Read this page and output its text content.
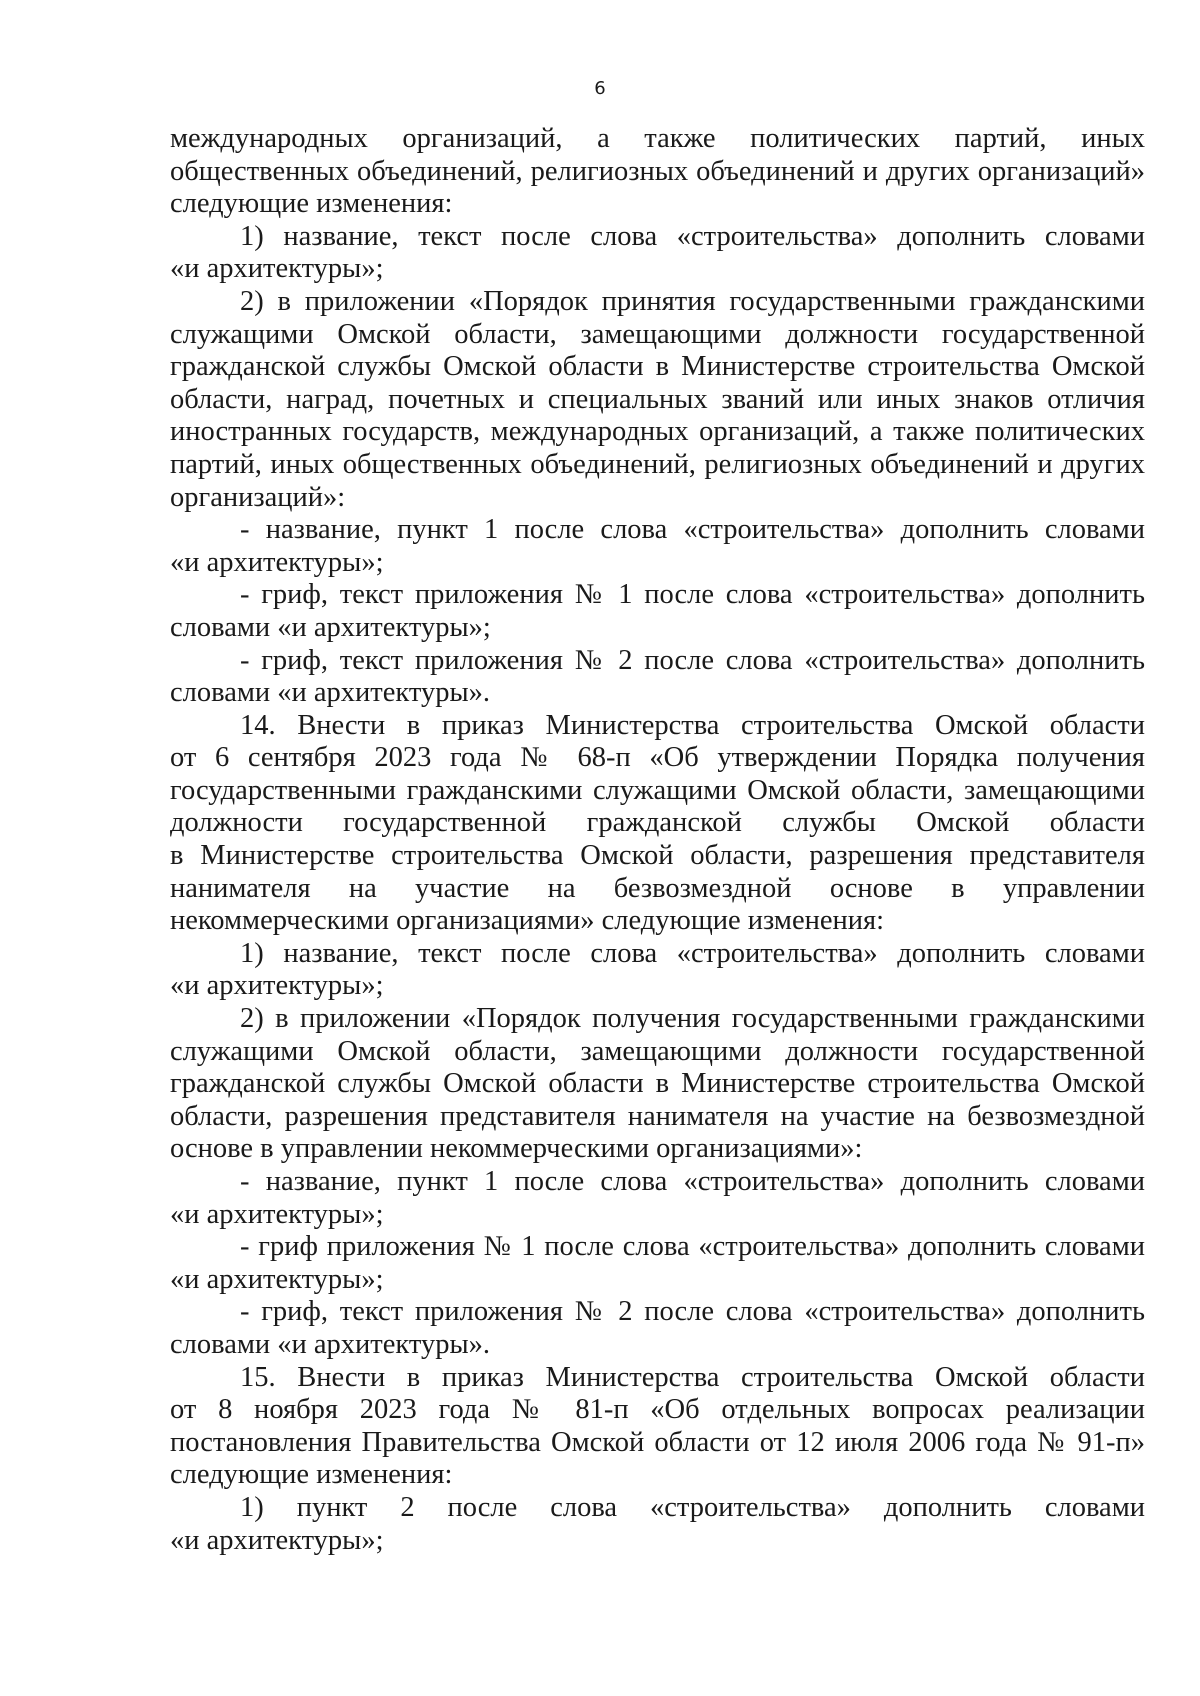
6
международных организаций, а также политических партий, иных
общественных объединений, религиозных объединений и других организаций»
следующие изменения:
1) название, текст после слова «строительства» дополнить словами
«и архитектуры»;
2) в приложении «Порядок принятия государственными гражданскими
служащими Омской области, замещающими должности государственной
гражданской службы Омской области в Министерстве строительства Омской
области, наград, почетных и специальных званий или иных знаков отличия
иностранных государств, международных организаций, а также политических
партий, иных общественных объединений, религиозных объединений и других
организаций»:
- название, пункт 1 после слова «строительства» дополнить словами
«и архитектуры»;
- гриф, текст приложения № 1 после слова «строительства» дополнить
словами «и архитектуры»;
- гриф, текст приложения № 2 после слова «строительства» дополнить
словами «и архитектуры».
14. Внести в приказ Министерства строительства Омской области
от 6 сентября 2023 года № 68-п «Об утверждении Порядка получения
государственными гражданскими служащими Омской области, замещающими
должности государственной гражданской службы Омской области
в Министерстве строительства Омской области, разрешения представителя
нанимателя на участие на безвозмездной основе в управлении
некоммерческими организациями» следующие изменения:
1) название, текст после слова «строительства» дополнить словами
«и архитектуры»;
2) в приложении «Порядок получения государственными гражданскими
служащими Омской области, замещающими должности государственной
гражданской службы Омской области в Министерстве строительства Омской
области, разрешения представителя нанимателя на участие на безвозмездной
основе в управлении некоммерческими организациями»:
- название, пункт 1 после слова «строительства» дополнить словами
«и архитектуры»;
- гриф приложения № 1 после слова «строительства» дополнить словами
«и архитектуры»;
- гриф, текст приложения № 2 после слова «строительства» дополнить
словами «и архитектуры».
15. Внести в приказ Министерства строительства Омской области
от 8 ноября 2023 года № 81-п «Об отдельных вопросах реализации
постановления Правительства Омской области от 12 июля 2006 года № 91-п»
следующие изменения:
1) пункт 2 после слова «строительства» дополнить словами
«и архитектуры»;
